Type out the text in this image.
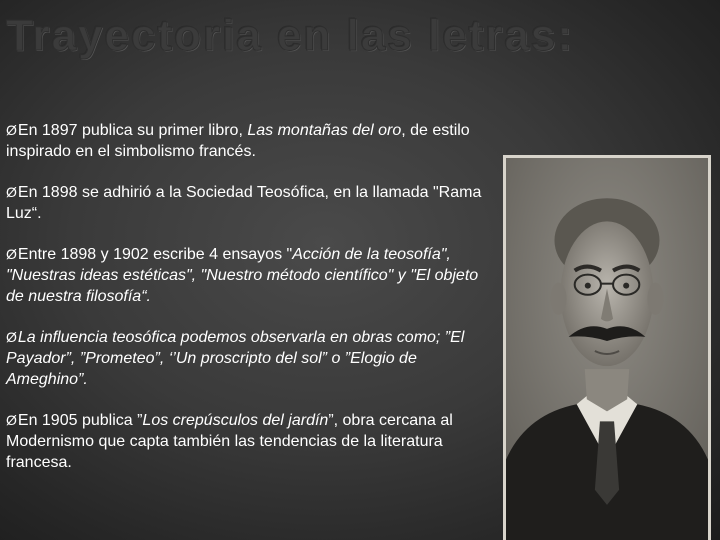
Trayectoria en las letras:

ØEn 1897 publica su primer libro, Las montañas del oro, de estilo inspirado en el simbolismo francés.

ØEn 1898 se adhirió a la Sociedad Teosófica, en la llamada "Rama Luz“.

ØEntre 1898 y 1902 escribe 4 ensayos "Acción de la teosofía", "Nuestras ideas estéticas", "Nuestro método científico" y "El objeto de nuestra filosofía“.

ØLa influencia teosófica podemos observarla en obras como; ”El Payador”, ”Prometeo”, ‘’Un proscripto del sol” o ”Elogio de Ameghino”.

ØEn 1905 publica ”Los crepúsculos del jardín”, obra cercana al Modernismo que capta también las tendencias de la literatura francesa.
